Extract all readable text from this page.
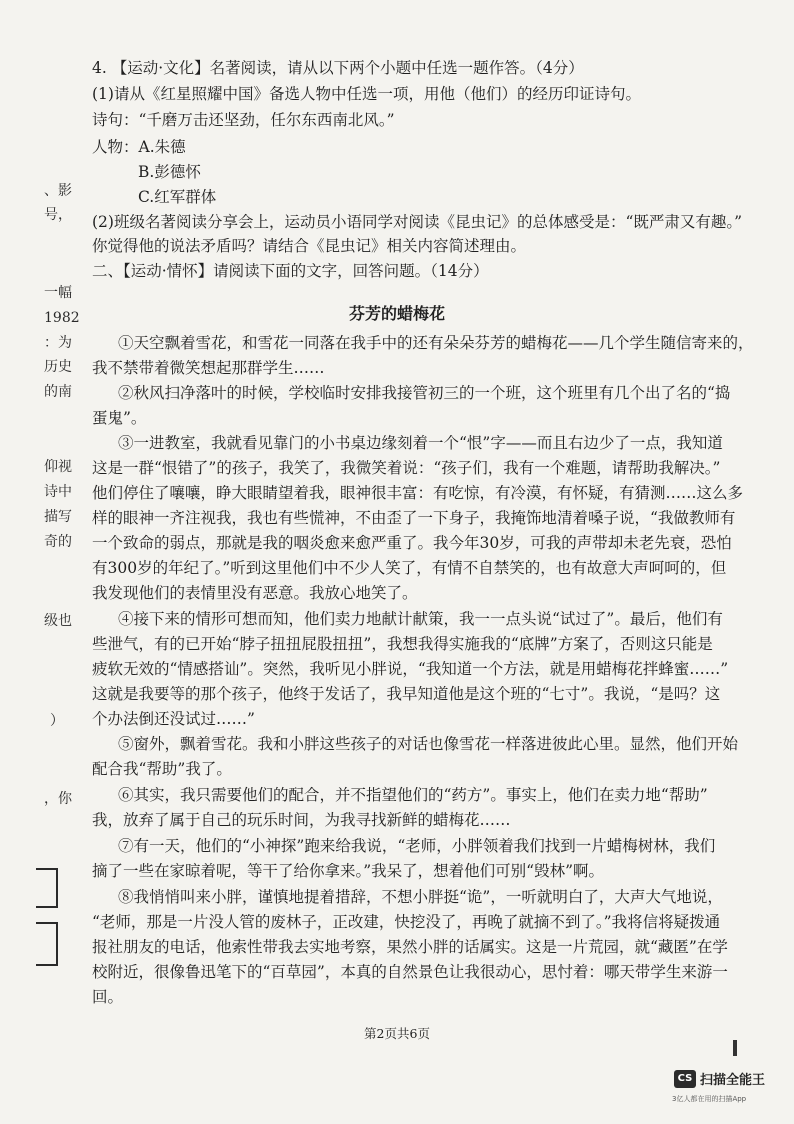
、影
号，
一幅
1982
：为
历史
的南
仰视
诗中
描写
奇的
级也
）
，你
4. 【运动·文化】名著阅读，请从以下两个小题中任选一题作答。（4分）
(1)请从《红星照耀中国》备选人物中任选一项，用他（他们）的经历印证诗句。
诗句：“千磨万击还坚劲，任尔东西南北风。”
人物：A.朱德
B.彭德怀
C.红军群体
(2)班级名著阅读分享会上，运动员小语同学对阅读《昆虫记》的总体感受是：“既严肃又有趣。”
你觉得他的说法矛盾吗？请结合《昆虫记》相关内容简述理由。
二、【运动·情怀】请阅读下面的文字，回答问题。（14分）
芬芳的蜡梅花
①天空飘着雪花，和雪花一同落在我手中的还有朵朵芬芳的蜡梅花——几个学生随信寄来的，
我不禁带着微笑想起那群学生……
②秋风扫净落叶的时候，学校临时安排我接管初三的一个班，这个班里有几个出了名的“捣
蛋鬼”。
③一进教室，我就看见靠门的小书桌边缘刻着一个“恨”字——而且右边少了一点，我知道
这是一群“恨错了”的孩子，我笑了，我微笑着说：“孩子们，我有一个难题，请帮助我解决。”
他们停住了嚷嚷，睁大眼睛望着我，眼神很丰富：有吃惊，有冷漠，有怀疑，有猜测……这么多
样的眼神一齐注视我，我也有些慌神，不由歪了一下身子，我掩饰地清着嗓子说，“我做教师有
一个致命的弱点，那就是我的咽炎愈来愈严重了。我今年30岁，可我的声带却未老先衰，恐怕
有300岁的年纪了。”听到这里他们中不少人笑了，有情不自禁笑的，也有故意大声呵呵的，但
我发现他们的表情里没有恶意。我放心地笑了。
④接下来的情形可想而知，他们卖力地献计献策，我一一点头说“试过了”。最后，他们有
些泄气，有的已开始“脖子扭扭屁股扭扭”，我想我得实施我的“底牌”方案了，否则这只能是
疲软无效的“情感搭讪”。突然，我听见小胖说，“我知道一个方法，就是用蜡梅花拌蜂蜜……”
这就是我要等的那个孩子，他终于发话了，我早知道他是这个班的“七寸”。我说，“是吗？这
个办法倒还没试过……”
⑤窗外，飘着雪花。我和小胖这些孩子的对话也像雪花一样落进彼此心里。显然，他们开始
配合我“帮助”我了。
⑥其实，我只需要他们的配合，并不指望他们的“药方”。事实上，他们在卖力地“帮助”
我，放弃了属于自己的玩乐时间，为我寻找新鲜的蜡梅花……
⑦有一天，他们的“小神探”跑来给我说，“老师，小胖领着我们找到一片蜡梅树林，我们
摘了一些在家晾着呢，等干了给你拿来。”我呆了，想着他们可别“毁林”啊。
⑧我悄悄叫来小胖，谨慎地提着措辞，不想小胖挺“诡”，一听就明白了，大声大气地说，
“老师，那是一片没人管的废林子，正改建，快挖没了，再晚了就摘不到了。”我将信将疑拨通
报社朋友的电话，他索性带我去实地考察，果然小胖的话属实。这是一片荒园，就“藏匿”在学
校附近，很像鲁迅笔下的“百草园”，本真的自然景色让我很动心，思忖着：哪天带学生来游一
回。
第2页共6页
CS 扫描全能王
3亿人都在用的扫描App
